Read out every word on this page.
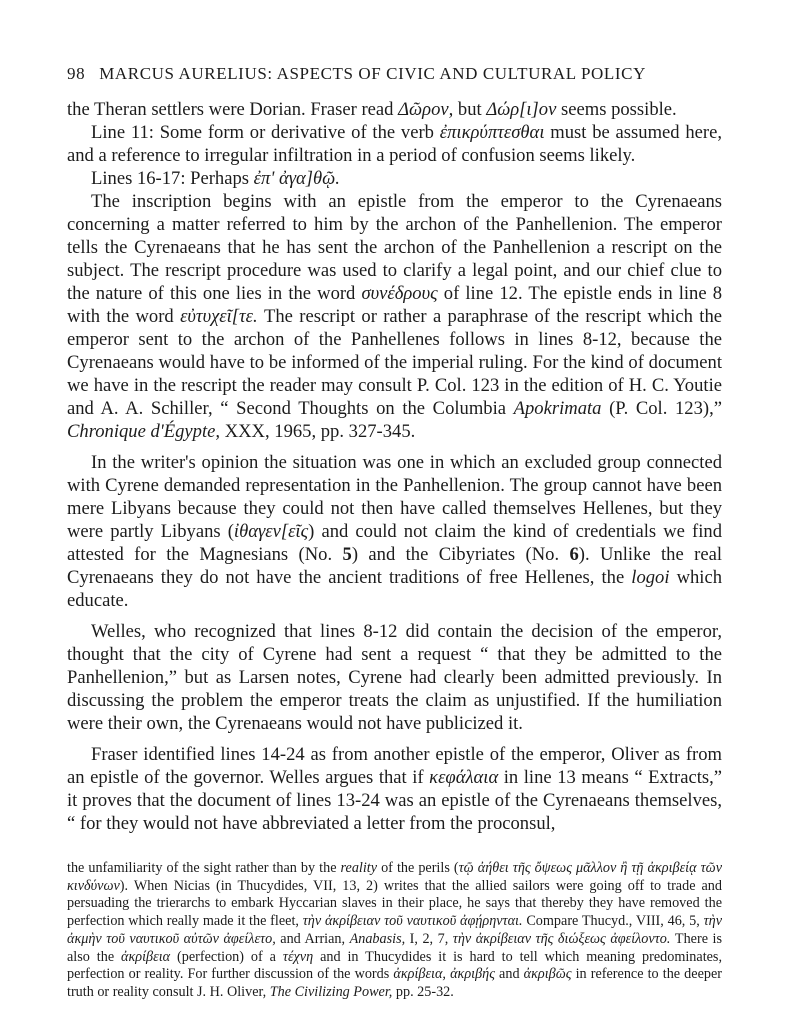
98 MARCUS AURELIUS: ASPECTS OF CIVIC AND CULTURAL POLICY

the Theran settlers were Dorian. Fraser read Δῶρον, but Δώρ[ι]ον seems possible.

Line 11: Some form or derivative of the verb ἐπικρύπτεσθαι must be assumed here, and a reference to irregular infiltration in a period of confusion seems likely.

Lines 16-17: Perhaps ἐπ' ἀγα]θῷ.

The inscription begins with an epistle from the emperor to the Cyrenaeans concerning a matter referred to him by the archon of the Panhellenion. The emperor tells the Cyrenaeans that he has sent the archon of the Panhellenion a rescript on the subject. The rescript procedure was used to clarify a legal point, and our chief clue to the nature of this one lies in the word συνέδρους of line 12. The epistle ends in line 8 with the word εὐτυχεῖ[τε. The rescript or rather a paraphrase of the rescript which the emperor sent to the archon of the Panhellenes follows in lines 8-12, because the Cyrenaeans would have to be informed of the imperial ruling. For the kind of document we have in the rescript the reader may consult P. Col. 123 in the edition of H. C. Youtie and A. A. Schiller, “ Second Thoughts on the Columbia Apokrimata (P. Col. 123),” Chronique d'Égypte, XXX, 1965, pp. 327-345.

In the writer's opinion the situation was one in which an excluded group connected with Cyrene demanded representation in the Panhellenion. The group cannot have been mere Libyans because they could not then have called themselves Hellenes, but they were partly Libyans (ἰθαγεν[εῖς) and could not claim the kind of credentials we find attested for the Magnesians (No. 5) and the Cibyriates (No. 6). Unlike the real Cyrenaeans they do not have the ancient traditions of free Hellenes, the logoi which educate.

Welles, who recognized that lines 8-12 did contain the decision of the emperor, thought that the city of Cyrene had sent a request “ that they be admitted to the Panhellenion,” but as Larsen notes, Cyrene had clearly been admitted previously. In discussing the problem the emperor treats the claim as unjustified. If the humiliation were their own, the Cyrenaeans would not have publicized it.

Fraser identified lines 14-24 as from another epistle of the emperor, Oliver as from an epistle of the governor. Welles argues that if κεφάλαια in line 13 means “ Extracts,” it proves that the document of lines 13-24 was an epistle of the Cyrenaeans themselves, “ for they would not have abbreviated a letter from the proconsul,

the unfamiliarity of the sight rather than by the reality of the perils (τῷ ἀήθει τῆς ὄψεως μᾶλλον ἢ τῇ ἀκριβείᾳ τῶν κινδύνων). When Nicias (in Thucydides, VII, 13, 2) writes that the allied sailors were going off to trade and persuading the trierarchs to embark Hyccarian slaves in their place, he says that thereby they have removed the perfection which really made it the fleet, τὴν ἀκρίβειαν τοῦ ναυτικοῦ ἀφῄρηνται. Compare Thucyd., VIII, 46, 5, τὴν ἀκμὴν τοῦ ναυτικοῦ αὐτῶν ἀφείλετο, and Arrian, Anabasis, I, 2, 7, τὴν ἀκρίβειαν τῆς διώξεως ἀφείλοντο. There is also the ἀκρίβεια (perfection) of a τέχνη and in Thucydides it is hard to tell which meaning predominates, perfection or reality. For further discussion of the words ἀκρίβεια, ἀκριβής and ἀκριβῶς in reference to the deeper truth or reality consult J. H. Oliver, The Civilizing Power, pp. 25-32.
